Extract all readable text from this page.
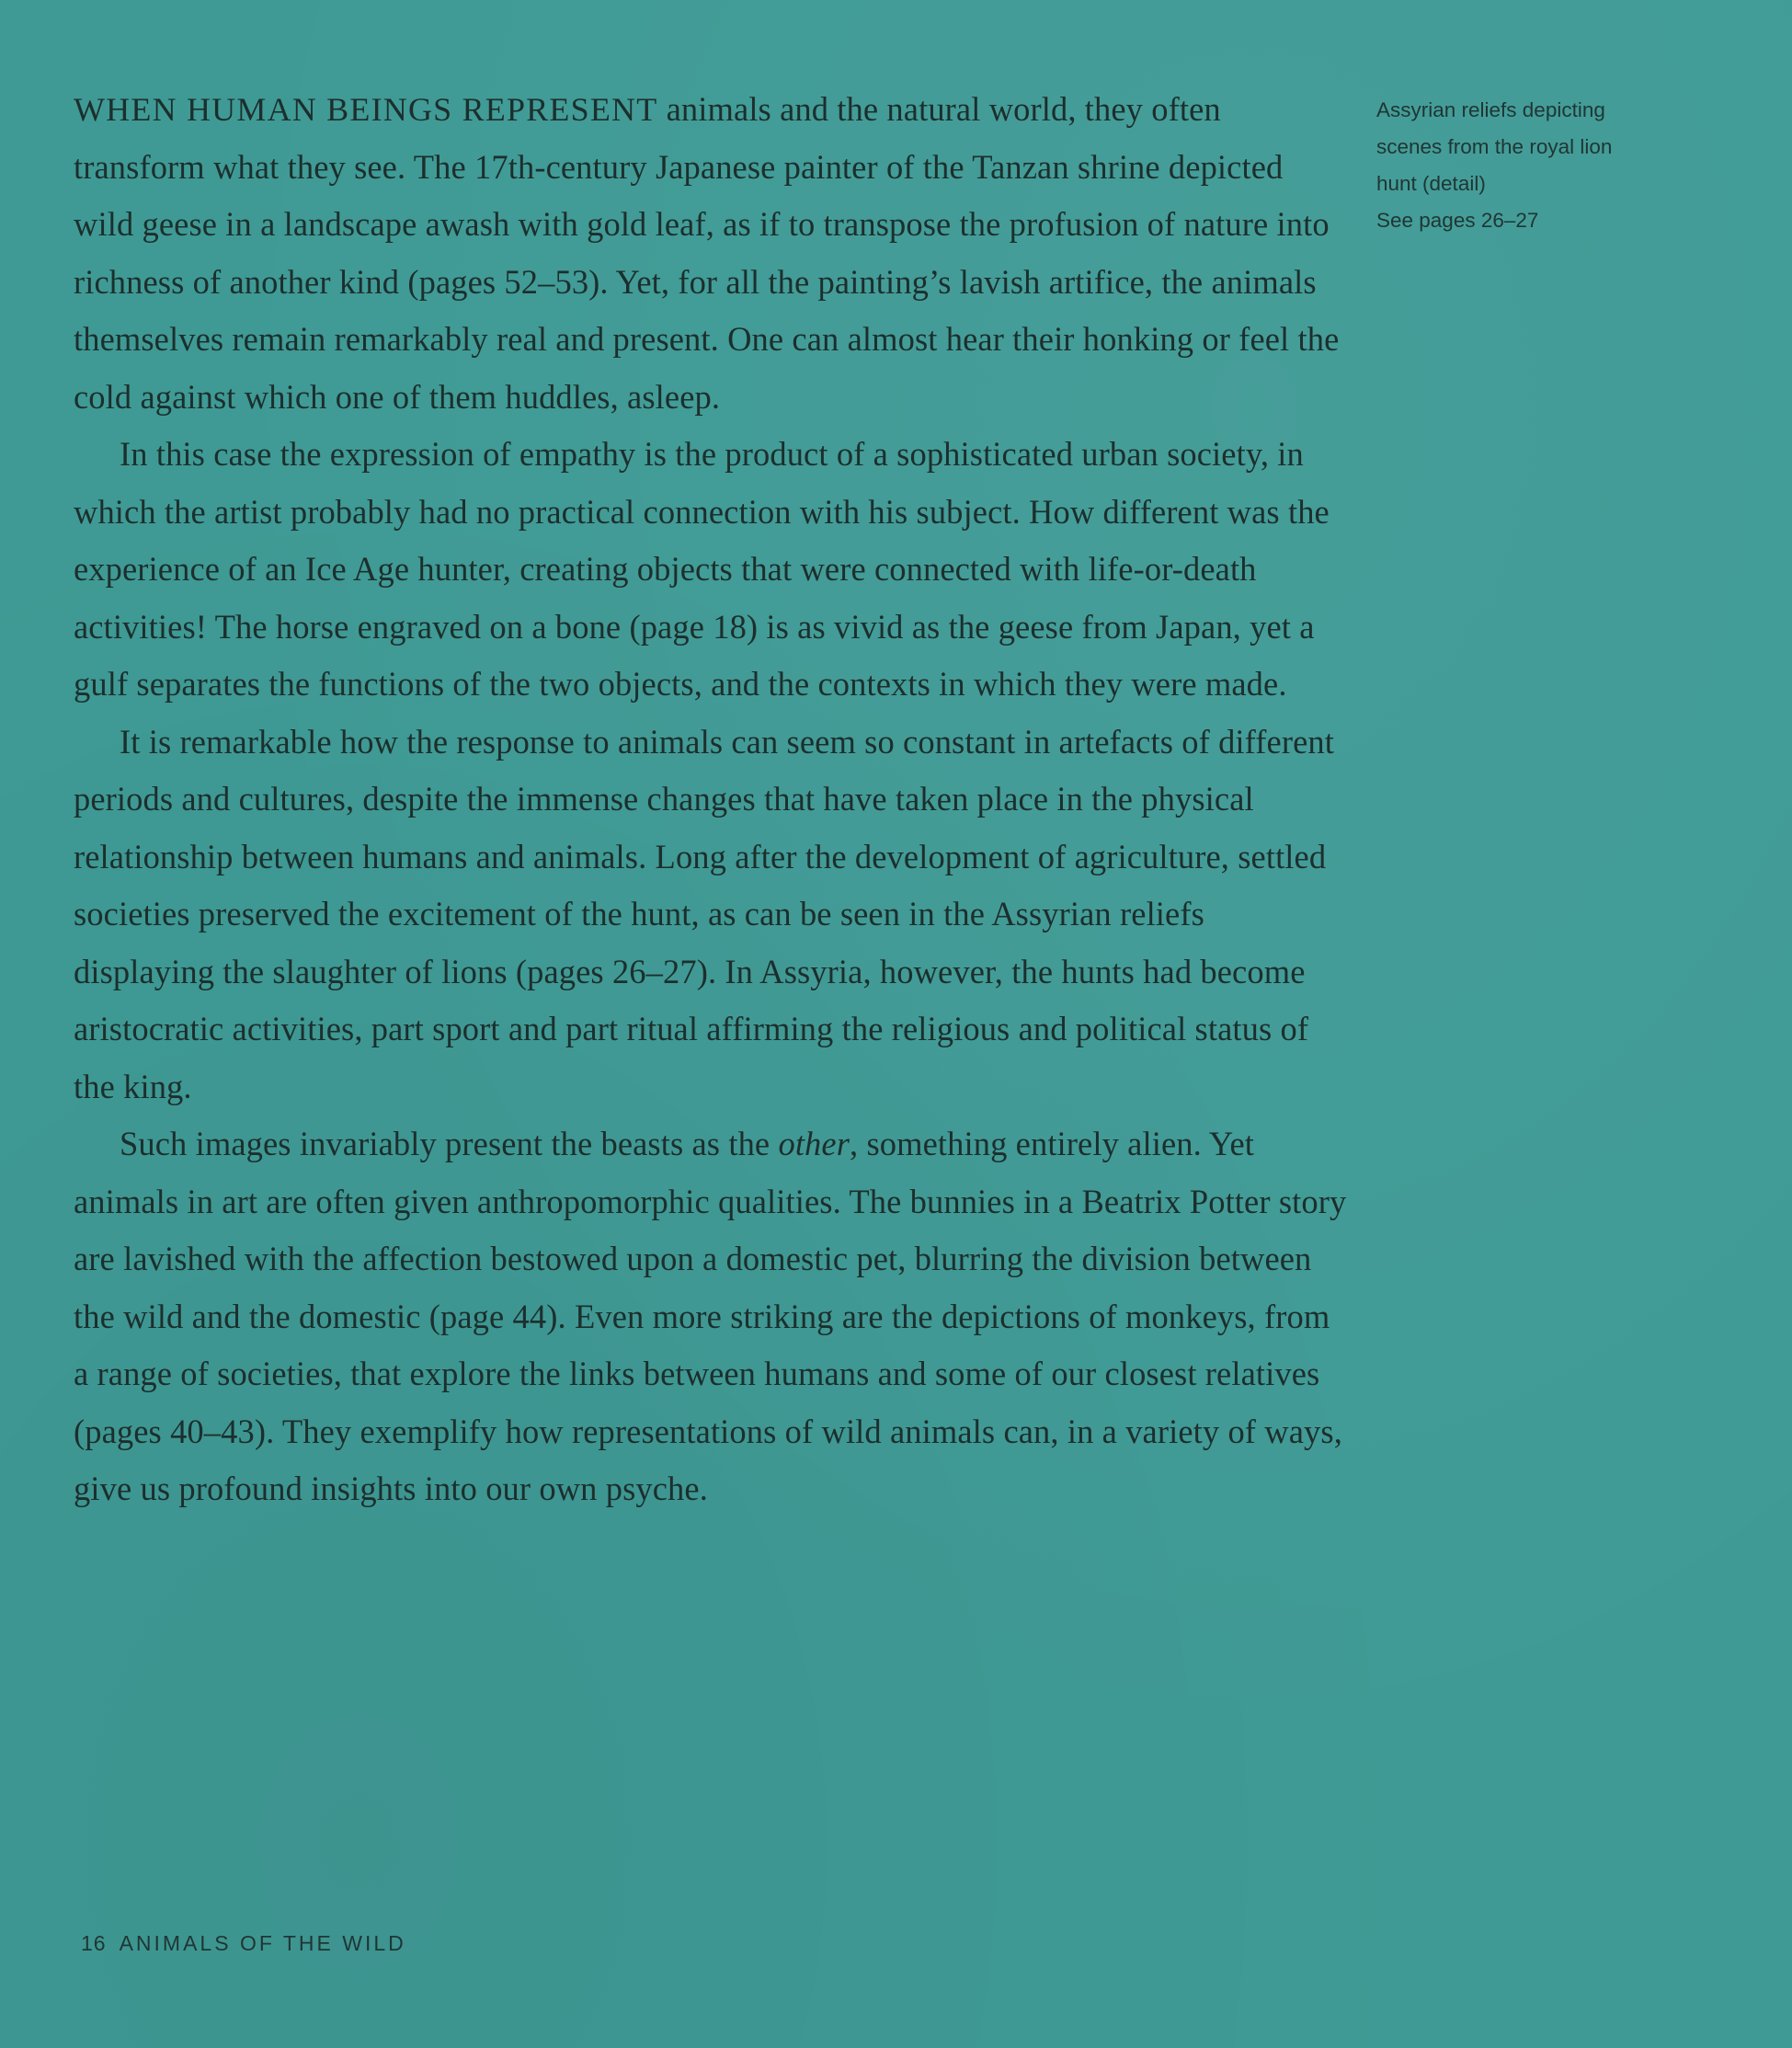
WHEN HUMAN BEINGS REPRESENT animals and the natural world, they often transform what they see. The 17th-century Japanese painter of the Tanzan shrine depicted wild geese in a landscape awash with gold leaf, as if to transpose the profusion of nature into richness of another kind (pages 52–53). Yet, for all the painting’s lavish artifice, the animals themselves remain remarkably real and present. One can almost hear their honking or feel the cold against which one of them huddles, asleep.

In this case the expression of empathy is the product of a sophisticated urban society, in which the artist probably had no practical connection with his subject. How different was the experience of an Ice Age hunter, creating objects that were connected with life-or-death activities! The horse engraved on a bone (page 18) is as vivid as the geese from Japan, yet a gulf separates the functions of the two objects, and the contexts in which they were made.

It is remarkable how the response to animals can seem so constant in artefacts of different periods and cultures, despite the immense changes that have taken place in the physical relationship between humans and animals. Long after the development of agriculture, settled societies preserved the excitement of the hunt, as can be seen in the Assyrian reliefs displaying the slaughter of lions (pages 26–27). In Assyria, however, the hunts had become aristocratic activities, part sport and part ritual affirming the religious and political status of the king.

Such images invariably present the beasts as the other, something entirely alien. Yet animals in art are often given anthropomorphic qualities. The bunnies in a Beatrix Potter story are lavished with the affection bestowed upon a domestic pet, blurring the division between the wild and the domestic (page 44). Even more striking are the depictions of monkeys, from a range of societies, that explore the links between humans and some of our closest relatives (pages 40–43). They exemplify how representations of wild animals can, in a variety of ways, give us profound insights into our own psyche.

Assyrian reliefs depicting
scenes from the royal lion
hunt (detail)
See pages 26–27
16 ANIMALS OF THE WILD
